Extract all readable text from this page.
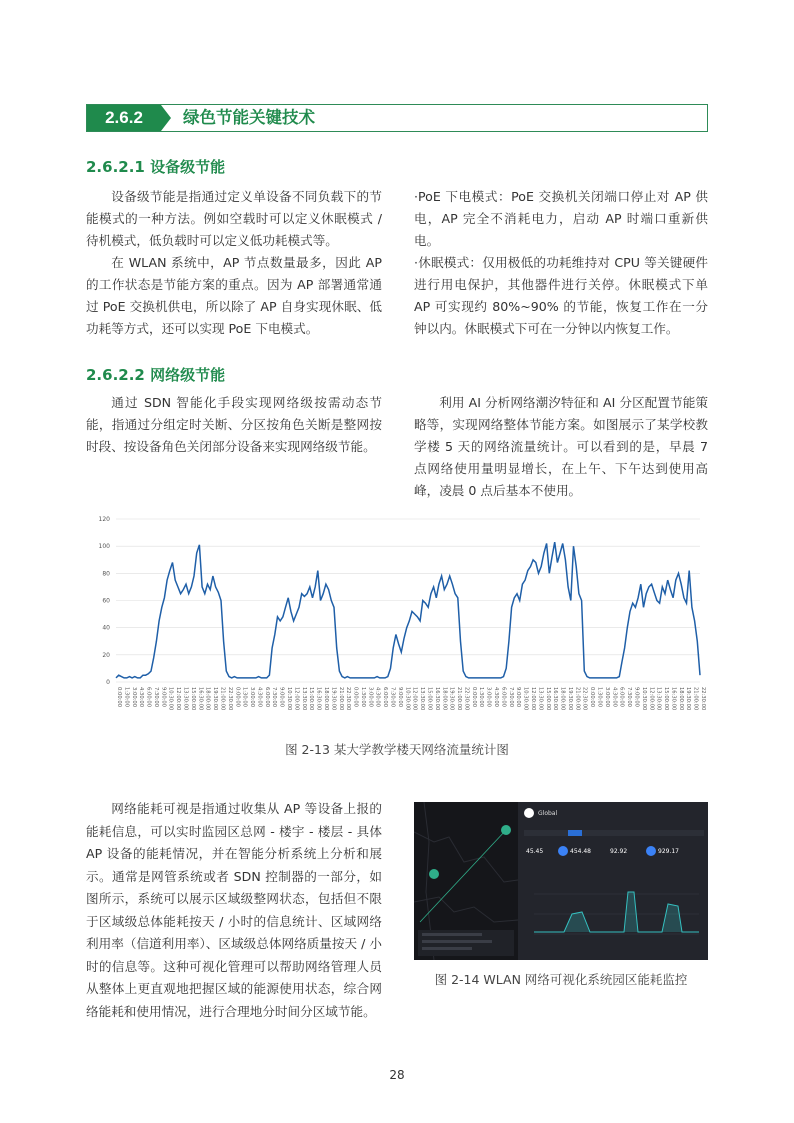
2.6.2	绿色节能关键技术
2.6.2.1 设备级节能

设备级节能是指通过定义单设备不同负载下的节能模式的一种方法。例如空载时可以定义休眠模式 / 待机模式，低负载时可以定义低功耗模式等。

在 WLAN 系统中，AP 节点数量最多，因此 AP 的工作状态是节能方案的重点。因为 AP 部署通常通过 PoE 交换机供电，所以除了 AP 自身实现休眠、低功耗等方式，还可以实现 PoE 下电模式。

·PoE 下电模式：PoE 交换机关闭端口停止对 AP 供电，AP 完全不消耗电力，启动 AP 时端口重新供电。

·休眠模式：仅用极低的功耗维持对 CPU 等关键硬件进行用电保护，其他器件进行关停。休眠模式下单 AP 可实现约 80%~90% 的节能，恢复工作在一分钟以内。休眠模式下可在一分钟以内恢复工作。

2.6.2.2 网络级节能

通过 SDN 智能化手段实现网络级按需动态节能，指通过分组定时关断、分区按角色关断是整网按时段、按设备角色关闭部分设备来实现网络级节能。

利用 AI 分析网络潮汐特征和 AI 分区配置节能策略等，实现网络整体节能方案。如图展示了某学校教学楼 5 天的网络流量统计。可以看到的是，早晨 7 点网络使用量明显增长，在上午、下午达到使用高峰，凌晨 0 点后基本不使用。

0
20
40
60
80
100
120
0:00:00 1:30:00 3:00:00 4:30:00 6:00:00 7:30:00 9:00:00 10:30:00 12:00:00 13:30:00 15:00:00 16:30:00 18:00:00 19:30:00 21:00:00 22:30:00 0:00:00 1:30:00 3:00:00 4:30:00 6:00:00 7:30:00 9:00:00 10:30:00 12:00:00 13:30:00 15:00:00 16:30:00 18:00:00 19:30:00 21:00:00 22:30:00 0:00:00 1:30:00 3:00:00 4:30:00 6:00:00 7:30:00 9:00:00 10:30:00 12:00:00 13:30:00 15:00:00 16:30:00 18:00:00 19:30:00 21:00:00 22:30:00 0:00:00 1:30:00 3:00:00 4:30:00 6:00:00 7:30:00 9:00:00 10:30:00 12:00:00 13:30:00 15:00:00 16:30:00 18:00:00 19:30:00 21:00:00 22:30:00 0:00:00 1:30:00 3:00:00 4:30:00 6:00:00 7:30:00 9:00:00 10:30:00 12:00:00 13:30:00 15:00:00 16:30:00 18:00:00 19:30:00 21:00:00 22:30:00
图 2-13 某大学教学楼天网络流量统计图

网络能耗可视是指通过收集从 AP 等设备上报的能耗信息，可以实时监园区总网 - 楼宇 - 楼层 - 具体 AP 设备的能耗情况，并在智能分析系统上分析和展示。通常是网管系统或者 SDN 控制器的一部分，如图所示，系统可以展示区域级整网状态，包括但不限于区域级总体能耗按天 / 小时的信息统计、区域网络利用率（信道利用率）、区域级总体网络质量按天 / 小时的信息等。这种可视化管理可以帮助网络管理人员从整体上更直观地把握区域的能源使用状态，综合网络能耗和使用情况，进行合理地分时间分区域节能。

Global
45.45	454.48	92.92	929.17
图 2-14 WLAN 网络可视化系统园区能耗监控
28
